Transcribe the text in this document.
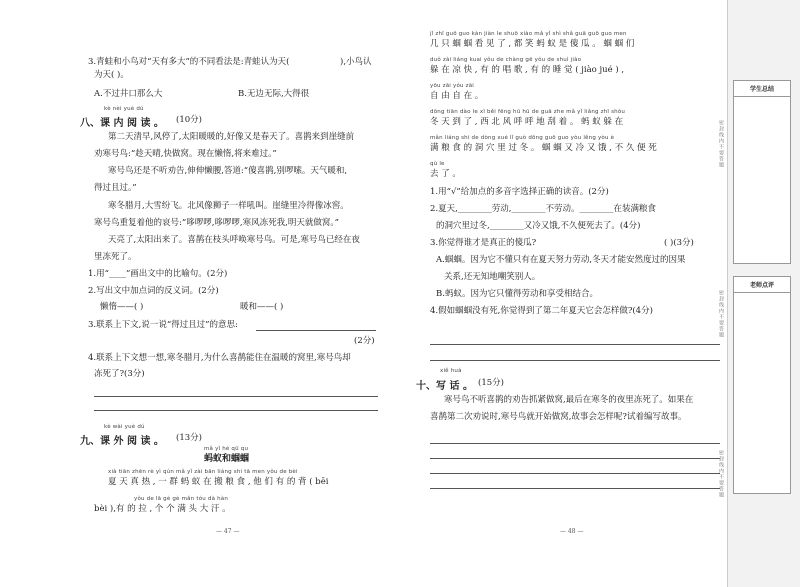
3.青蛙和小鸟对“天有多大”的不同看法是:青蛙认为天(	),小鸟认
为天( )。
A.不过井口那么大	B.无边无际,大得很
kè nèi yuè dú
八、课 内 阅 读 。 (10分)
第二天清早,风停了,太阳暖暖的,好像又是春天了。喜鹊来到崖缝前
劝寒号鸟:“趁天晴,快做窝。现在懒惰,将来难过。”
寒号鸟还是不听劝告,伸伸懒腰,答道:“傻喜鹊,别啰嗦。天气暖和,
得过且过。”
寒冬腊月,大雪纷飞。北风像狮子一样吼叫。崖缝里冷得像冰窖。
寒号鸟重复着他的哀号:“哆啰啰,哆啰啰,寒风冻死我,明天就做窝。”
天亮了,太阳出来了。喜鹊在枝头呼唤寒号鸟。可是,寒号鸟已经在夜
里冻死了。
1.用“____”画出文中的比喻句。(2分)
2.写出文中加点词的反义词。(2分)
懒惰——( )	暖和——( )
3.联系上下文,说一说“得过且过”的意思:
(2分)
4.联系上下文想一想,寒冬腊月,为什么喜鹊能住在温暖的窝里,寒号鸟却
冻死了?(3分)
kè wài yuè dú
九、课 外 阅 读 。 (13分)
mǎ yǐ hé qū qu
蚂蚁和蝈蝈
xià tiān zhēn rè yì qún mǎ yǐ zài bān liáng shi tā men yǒu de bèi
夏 天 真 热 , 一 群 蚂 蚁 在 搬 粮 食 , 他 们 有 的 背 ( bēi
yǒu de lā gè gè mǎn tóu dà hàn
bèi ),有 的 拉 , 个 个 满 头 大 汗 。
— 47 —
jǐ zhī guō guo kàn jiàn le shuō xiào mǎ yǐ shì shǎ guā guō guo men
几 只 蝈 蝈 看 见 了 , 都 笑 蚂 蚁 是 傻 瓜 。 蝈 蝈 们
duǒ zài liáng kuai yǒu de chàng gē yǒu de shuì jiào
躲 在 凉 快 , 有 的 唱 歌 , 有 的 睡 觉 ( jiào jué ) ,
yōu zāi yóu zāi
自 由 自 在 。
dōng tiān dào le xī běi fēng hū hū de guā zhe mǎ yǐ liǎng zhī shǒu
冬 天 到 了 , 西 北 风 呼 呼 地 刮 着 。 蚂 蚁 躲 在
mǎn liáng shi de dòng xué lǐ guò dōng guō guo yòu lěng yòu è
满 粮 食 的 洞 穴 里 过 冬 。 蝈 蝈 又 冷 又 饿 , 不 久 便 死
qù le
去 了 。
1.用“√”给加点的多音字选择正确的读音。(2分)
2.夏天,________劳动,________不劳动。________在装满粮食
的洞穴里过冬,________又冷又饿,不久便死去了。(4分)
3.你觉得谁才是真正的傻瓜?	( )(3分)
A.蝈蝈。因为它不懂只有在夏天努力劳动,冬天才能安然度过的因果
关系,还无知地嘲笑别人。
B.蚂蚁。因为它只懂得劳动和享受相结合。
4.假如蝈蝈没有死,你觉得到了第二年夏天它会怎样做?(4分)
xiě huà
十、写 话 。 (15分)
寒号鸟不听喜鹊的劝告抓紧做窝,最后在寒冬的夜里冻死了。如果在
喜鹊第二次劝说时,寒号鸟就开始做窝,故事会怎样呢?试着编写故事。
— 48 —
学生总结
老师点评
密封线内不要答题
密封线内不要答题
密封线内不要答题
